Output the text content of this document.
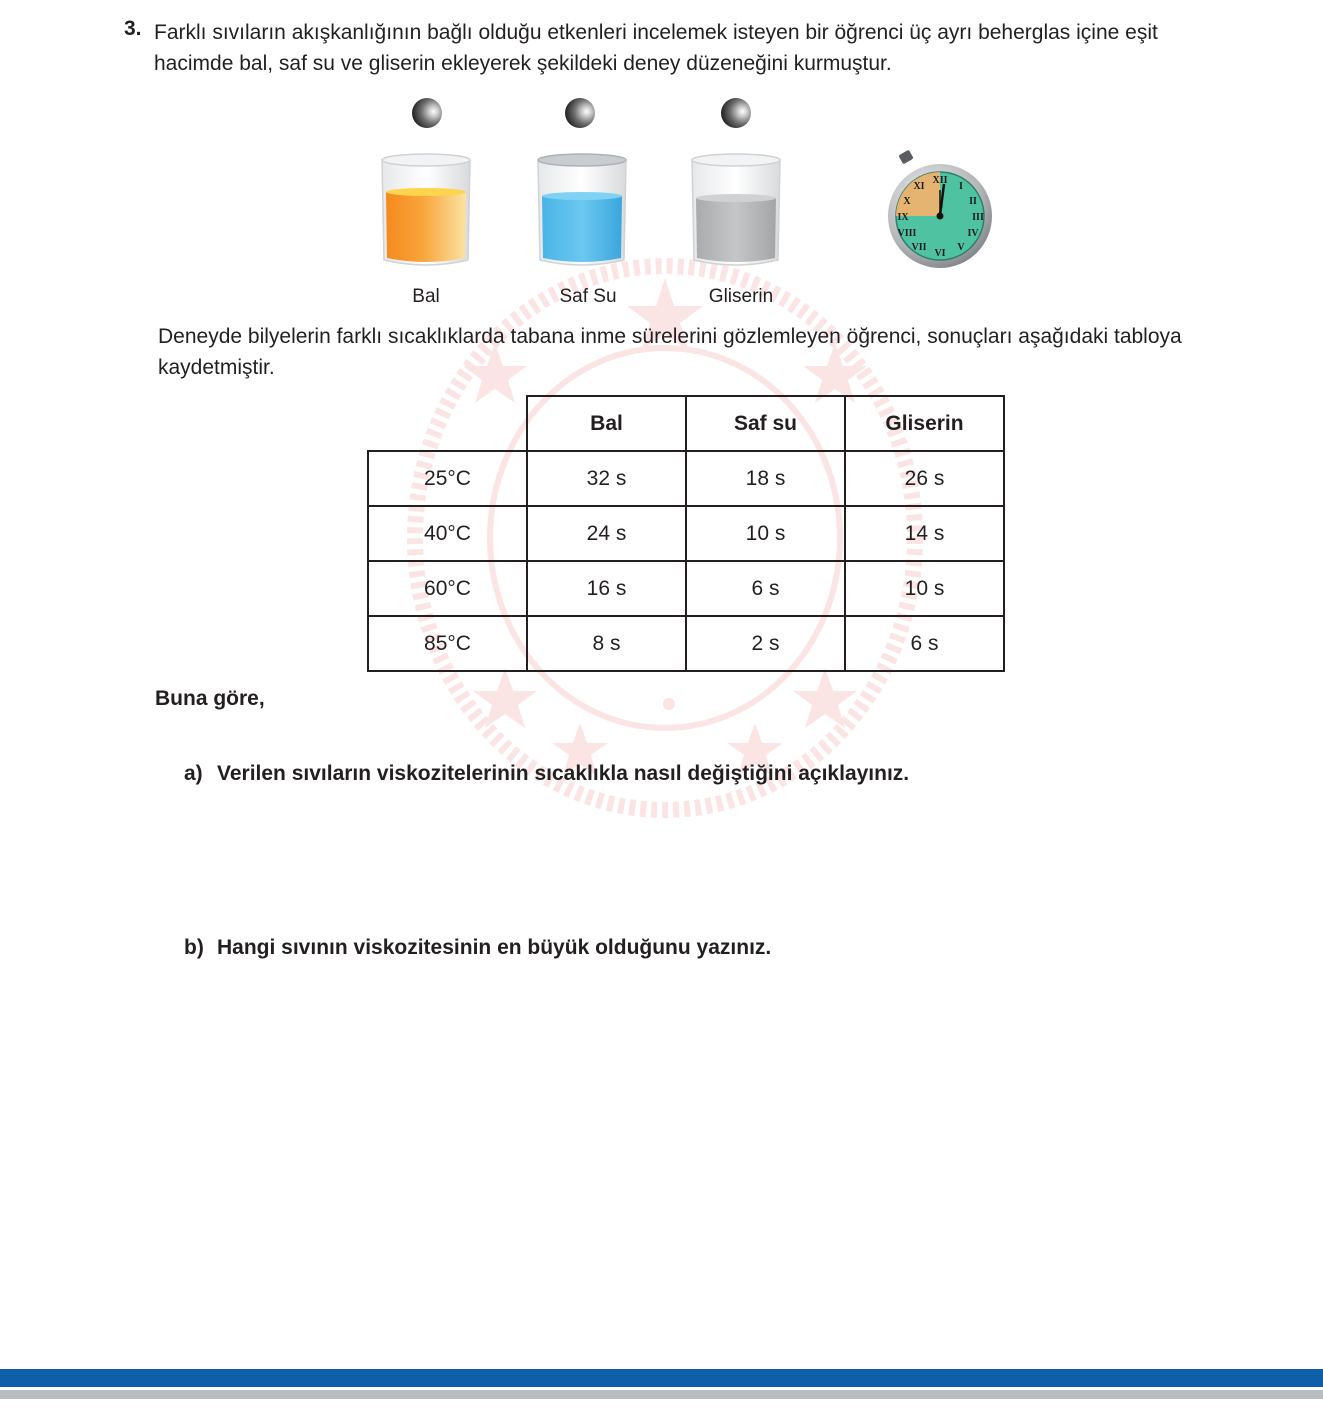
3. Farklı sıvıların akışkanlığının bağlı olduğu etkenleri incelemek isteyen bir öğrenci üç ayrı beherglas içine eşit hacimde bal, saf su ve gliserin ekleyerek şekildeki deney düzeneğini kurmuştur.
Bal	Saf Su	Gliserin
XII
I
II
III
IV
V
VI
VII
VIII
IX
X
XI
Deneyde bilyelerin farklı sıcaklıklarda tabana inme sürelerini gözlemleyen öğrenci, sonuçları aşağıdaki tabloya kaydetmiştir.
	Bal	Saf su	Gliserin
25°C	32 s	18 s	26 s
40°C	24 s	10 s	14 s
60°C	16 s	6 s	10 s
85°C	8 s	2 s	6 s
Buna göre,
a) Verilen sıvıların viskozitelerinin sıcaklıkla nasıl değiştiğini açıklayınız.
b) Hangi sıvının viskozitesinin en büyük olduğunu yazınız.
